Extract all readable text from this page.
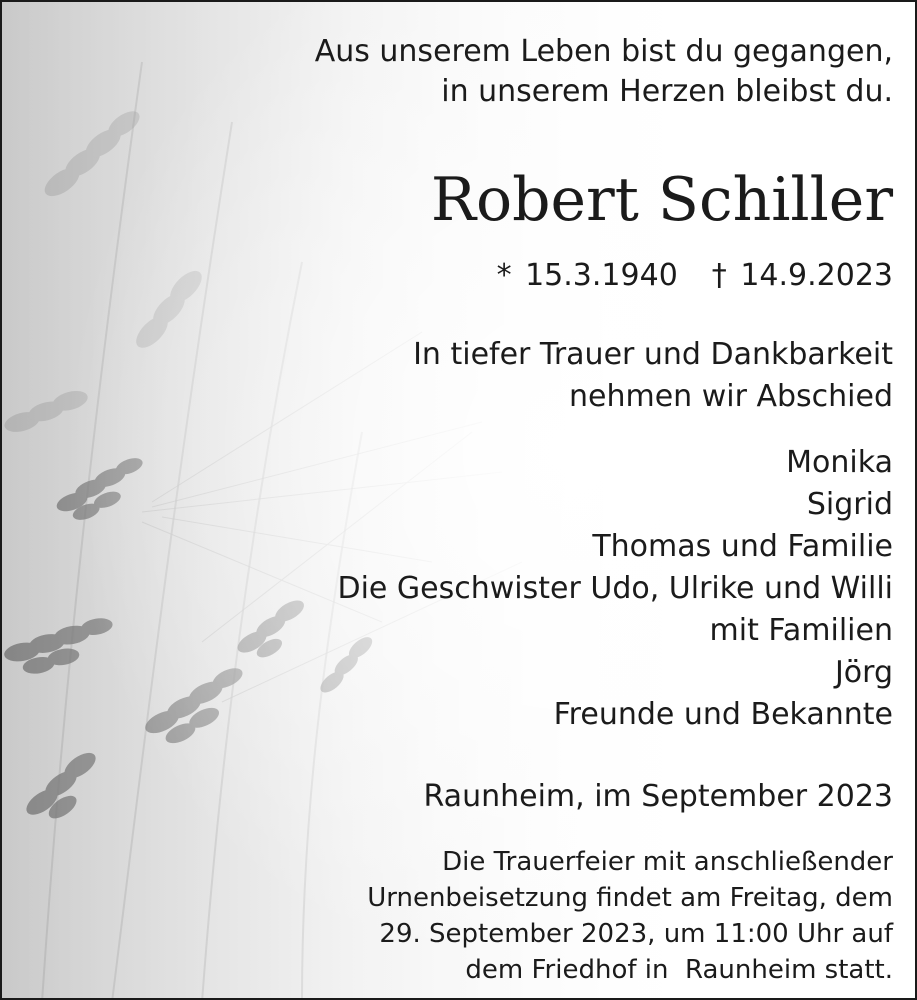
Aus unserem Leben bist du gegangen,
in unserem Herzen bleibst du.
Robert Schiller
* 15.3.1940 † 14.9.2023
In tiefer Trauer und Dankbarkeit
nehmen wir Abschied
Monika
Sigrid
Thomas und Familie
Die Geschwister Udo, Ulrike und Willi
mit Familien
Jörg
Freunde und Bekannte
Raunheim, im September 2023
Die Trauerfeier mit anschließender
Urnenbeisetzung findet am Freitag, dem
29. September 2023, um 11:00 Uhr auf
dem Friedhof in  Raunheim statt.
